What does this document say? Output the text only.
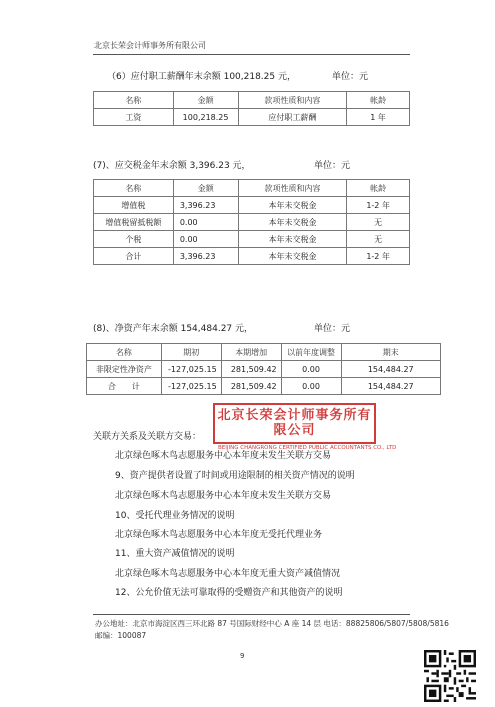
北京长荣会计师事务所有限公司
（6）应付职工薪酬年末余额 100,218.25 元，	单位：元
名称	金额	款项性质和内容	帐龄
工资	100,218.25	应付职工薪酬	1 年
(7)、应交税金年末余额 3,396.23 元，	单位：元
名称	金额	款项性质和内容	帐龄
增值税	3,396.23	本年未交税金	1-2 年
增值税留抵税额	0.00	本年未交税金	无
个税	0.00	本年未交税金	无
合计	3,396.23	本年未交税金	1-2 年
(8)、净资产年末余额 154,484.27 元，	单位：元
名称	期初	本期增加	以前年度调整	期末
非限定性净资产	-127,025.15	281,509.42	0.00	154,484.27
合　　计	-127,025.15	281,509.42	0.00	154,484.27
北京长荣会计师事务所有限公司
BEIJING CHANGRONG CERTIFIED PUBLIC ACCOUNTANTS CO., LTD
关联方关系及关联方交易：
北京绿色啄木鸟志愿服务中心本年度未发生关联方交易
9、资产提供者设置了时间或用途限制的相关资产情况的说明
北京绿色啄木鸟志愿服务中心本年度未发生关联方交易
10、受托代理业务情况的说明
北京绿色啄木鸟志愿服务中心本年度无受托代理业务
11、重大资产减值情况的说明
北京绿色啄木鸟志愿服务中心本年度无重大资产减值情况
12、公允价值无法可靠取得的受赠资产和其他资产的说明
办公地址：北京市海淀区西三环北路 87 号国际财经中心 A 座 14 层 电话：88825806/5807/5808/5816
邮编：100087
9
